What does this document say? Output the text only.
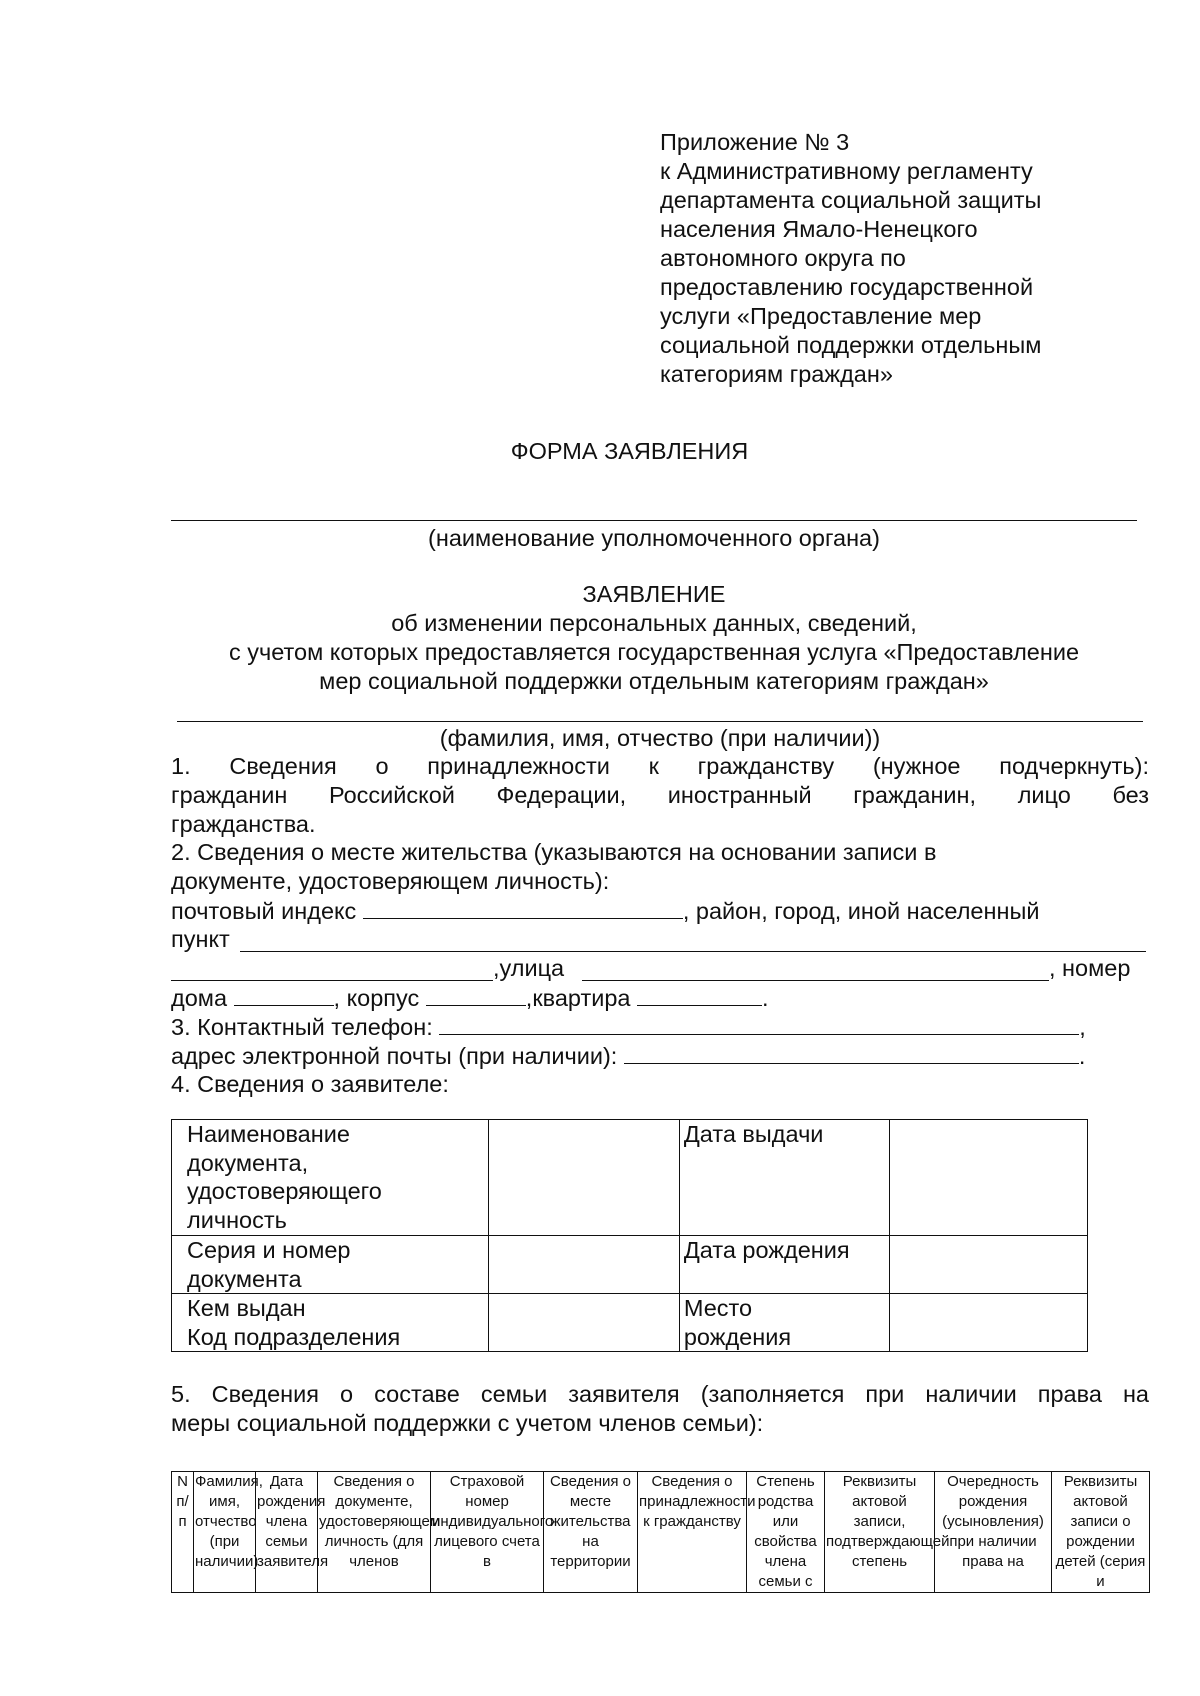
Приложение № 3
к Административному регламенту
департамента социальной защиты
населения Ямало-Ненецкого
автономного округа по
предоставлению государственной
услуги «Предоставление мер
социальной поддержки отдельным
категориям граждан»
ФОРМА ЗАЯВЛЕНИЯ
(наименование уполномоченного органа)
ЗАЯВЛЕНИЕ
об изменении персональных данных, сведений,
с учетом которых предоставляется государственная услуга «Предоставление
мер социальной поддержки отдельным категориям граждан»
(фамилия, имя, отчество (при наличии))
1. Сведения о принадлежности к гражданству (нужное подчеркнуть):
гражданин Российской Федерации, иностранный гражданин, лицо без
гражданства.
2. Сведения о месте жительства (указываются на основании записи в
документе, удостоверяющем личность):
почтовый индекс	, район, город, иной населенный
пункт
,улица	, номер
дома	, корпус	,квартира	.
3. Контактный телефон:	,
адрес электронной почты (при наличии):	.
4. Сведения о заявителе:
Наименование документа, удостоверяющего личность		Дата выдачи	

Серия и номер документа		Дата рождения	

Кем выдан
Код подразделения		Место рождения	

5. Сведения о составе семьи заявителя (заполняется при наличии права на
меры социальной поддержки с учетом членов семьи):
N п/п	Фамилия, имя, отчество (при наличии)	Дата рождения члена семьи заявителя	Сведения о документе, удостоверяющем личность (для членов	Страховой номер индивидуального лицевого счета в	Сведения о месте жительства на территории	Сведения о принадлежности к гражданству	Степень родства или свойства члена семьи с	Реквизиты актовой записи, подтверждающей степень	Очередность рождения (усыновления) при наличии права на	Реквизиты актовой записи о рождении детей (серия и
